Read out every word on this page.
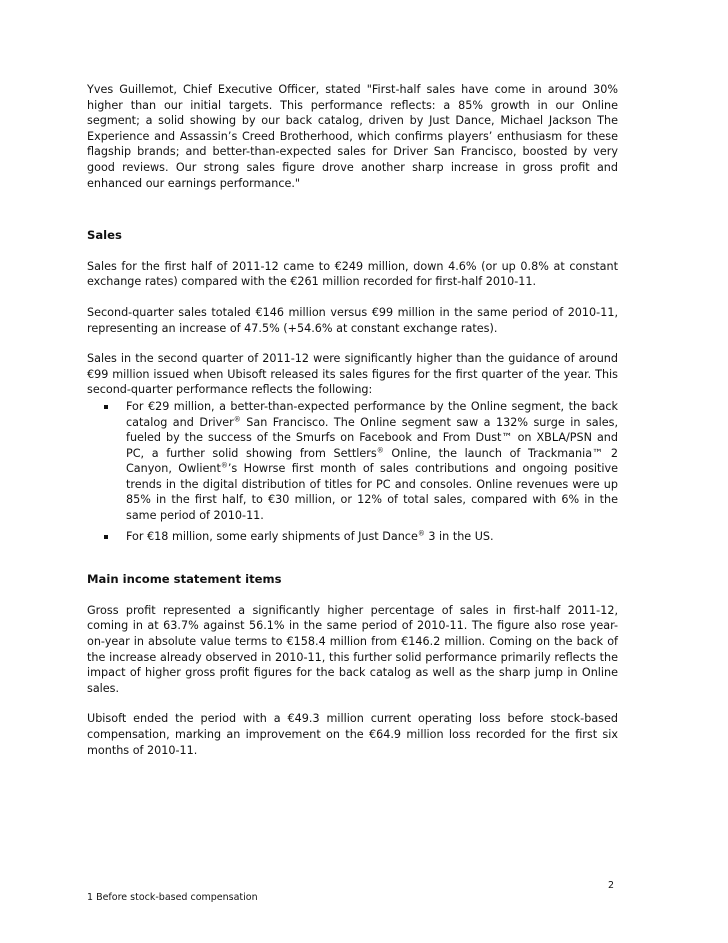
Yves Guillemot, Chief Executive Officer, stated "First-half sales have come in around 30% higher than our initial targets. This performance reflects: a 85% growth in our Online segment; a solid showing by our back catalog, driven by Just Dance, Michael Jackson The Experience and Assassin’s Creed Brotherhood, which confirms players’ enthusiasm for these flagship brands; and better-than-expected sales for Driver San Francisco, boosted by very good reviews. Our strong sales figure drove another sharp increase in gross profit and enhanced our earnings performance."

Sales

Sales for the first half of 2011-12 came to €249 million, down 4.6% (or up 0.8% at constant exchange rates) compared with the €261 million recorded for first-half 2010-11.

Second-quarter sales totaled €146 million versus €99 million in the same period of 2010-11, representing an increase of 47.5% (+54.6% at constant exchange rates).

Sales in the second quarter of 2011-12 were significantly higher than the guidance of around €99 million issued when Ubisoft released its sales figures for the first quarter of the year. This second-quarter performance reflects the following:

For €29 million, a better-than-expected performance by the Online segment, the back catalog and Driver® San Francisco. The Online segment saw a 132% surge in sales, fueled by the success of the Smurfs on Facebook and From Dust™ on XBLA/PSN and PC, a further solid showing from Settlers® Online, the launch of Trackmania™ 2 Canyon, Owlient®’s Howrse first month of sales contributions and ongoing positive trends in the digital distribution of titles for PC and consoles. Online revenues were up 85% in the first half, to €30 million, or 12% of total sales, compared with 6% in the same period of 2010-11.
For €18 million, some early shipments of Just Dance® 3 in the US.
Main income statement items

Gross profit represented a significantly higher percentage of sales in first-half 2011-12, coming in at 63.7% against 56.1% in the same period of 2010-11. The figure also rose year-on-year in absolute value terms to €158.4 million from €146.2 million. Coming on the back of the increase already observed in 2010-11, this further solid performance primarily reflects the impact of higher gross profit figures for the back catalog as well as the sharp jump in Online sales.

Ubisoft ended the period with a €49.3 million current operating loss before stock-based compensation, marking an improvement on the €64.9 million loss recorded for the first six months of 2010-11.

2
1 Before stock-based compensation
